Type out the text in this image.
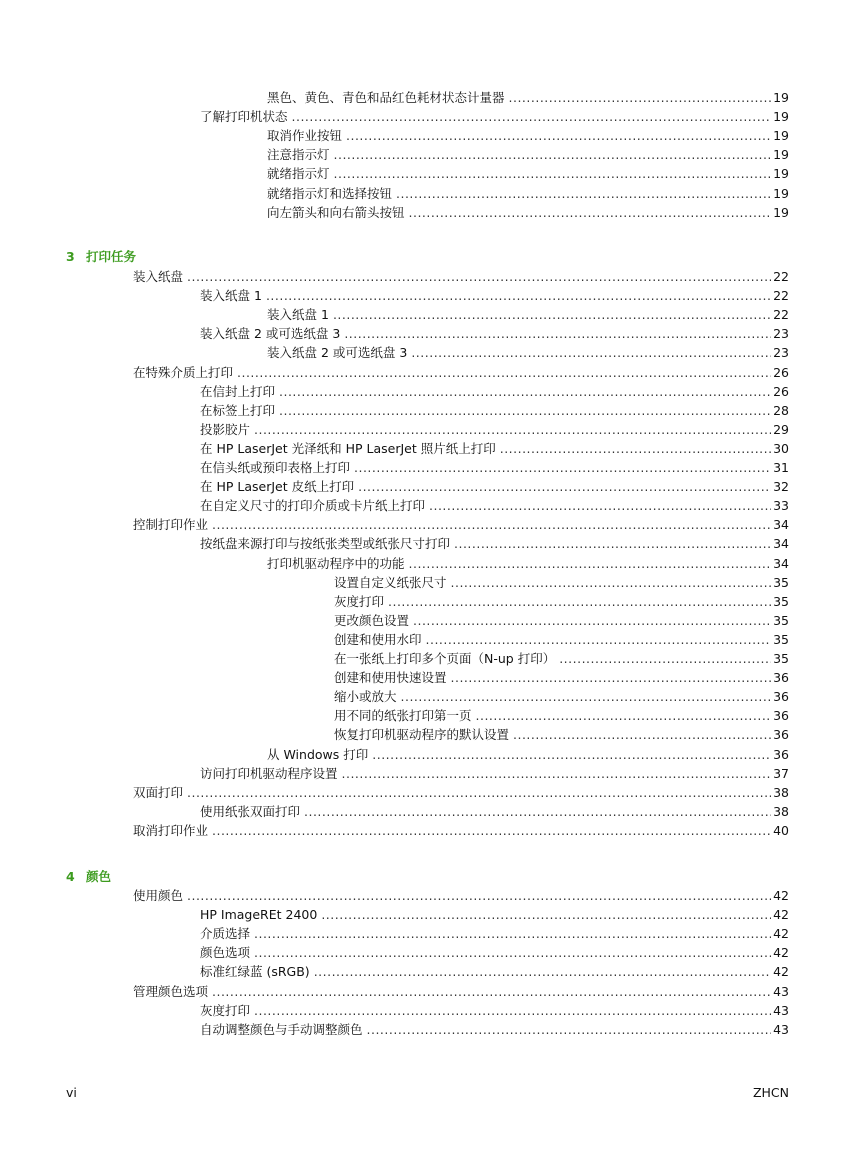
黑色、黄色、青色和品红色耗材状态计量器 .....	19
了解打印机状态 .....	19
取消作业按钮 .....	19
注意指示灯 .....	19
就绪指示灯 .....	19
就绪指示灯和选择按钮 .....	19
向左箭头和向右箭头按钮 .....	19
3 打印任务
装入纸盘 .....	22
装入纸盘 1 .....	22
装入纸盘 1 .....	22
装入纸盘 2 或可选纸盘 3 .....	23
装入纸盘 2 或可选纸盘 3 .....	23
在特殊介质上打印 .....	26
在信封上打印 .....	26
在标签上打印 .....	28
投影胶片 .....	29
在 HP LaserJet 光泽纸和 HP LaserJet 照片纸上打印 .....	30
在信头纸或预印表格上打印 .....	31
在 HP LaserJet 皮纸上打印 .....	32
在自定义尺寸的打印介质或卡片纸上打印 .....	33
控制打印作业 .....	34
按纸盘来源打印与按纸张类型或纸张尺寸打印 .....	34
打印机驱动程序中的功能 .....	34
设置自定义纸张尺寸 .....	35
灰度打印 .....	35
更改颜色设置 .....	35
创建和使用水印 .....	35
在一张纸上打印多个页面（N-up 打印） .....	35
创建和使用快速设置 .....	36
缩小或放大 .....	36
用不同的纸张打印第一页 .....	36
恢复打印机驱动程序的默认设置 .....	36
从 Windows 打印 .....	36
访问打印机驱动程序设置 .....	37
双面打印 .....	38
使用纸张双面打印 .....	38
取消打印作业 .....	40
4 颜色
使用颜色 .....	42
HP ImageREt 2400 .....	42
介质选择 .....	42
颜色选项 .....	42
标准红绿蓝 (sRGB) .....	42
管理颜色选项 .....	43
灰度打印 .....	43
自动调整颜色与手动调整颜色 .....	43
vi	ZHCN
